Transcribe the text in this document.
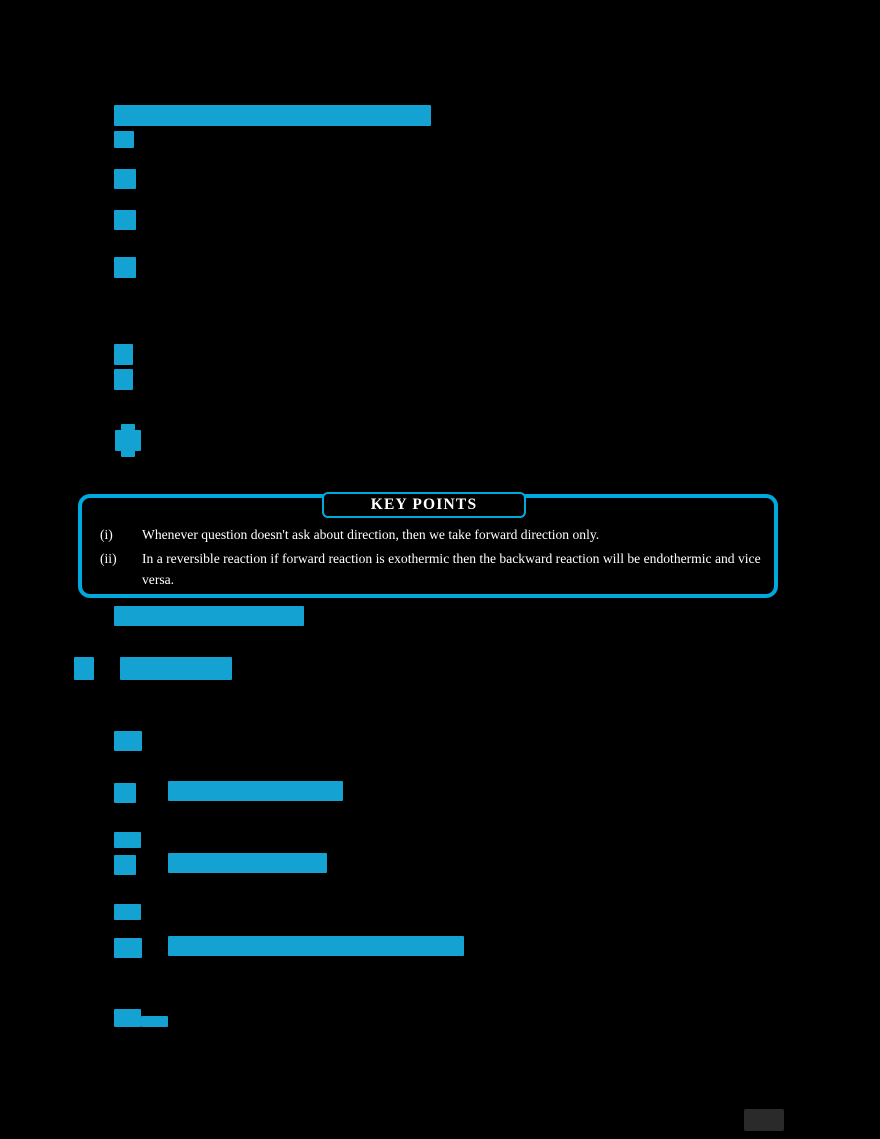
KEY POINTS
(i)	Whenever question doesn't ask about direction, then we take forward direction only.
(ii)	In a reversible reaction if forward reaction is exothermic then the backward reaction will be endothermic and vice versa.
